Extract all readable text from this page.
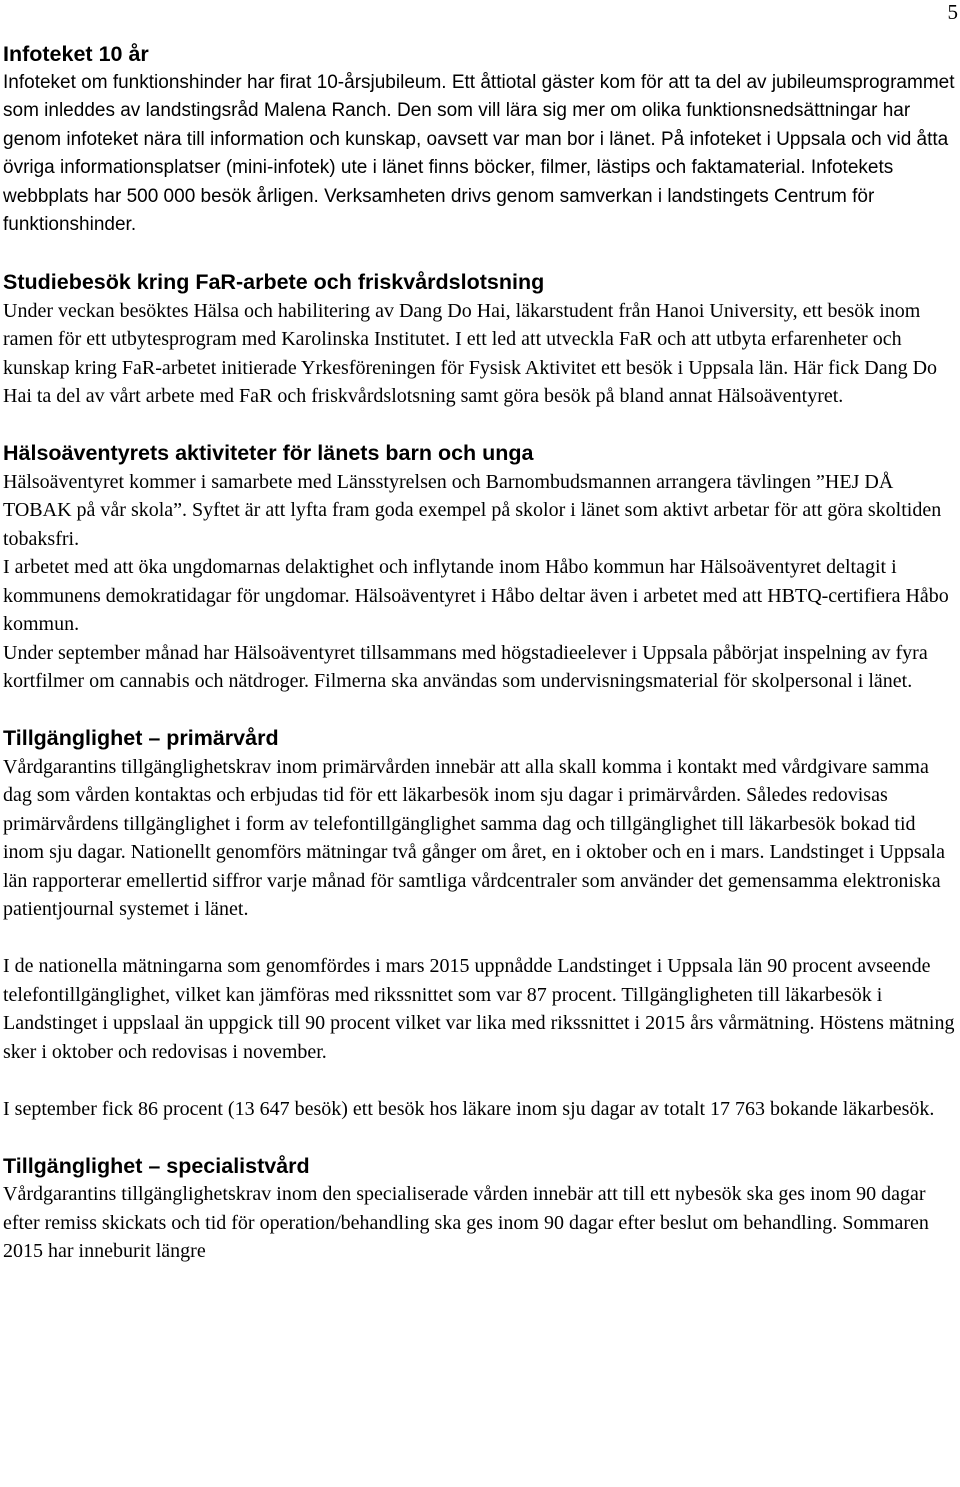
5
Infoteket 10 år

Infoteket om funktionshinder har firat 10-årsjubileum. Ett åttiotal gäster kom för att ta del av jubileumsprogrammet som inleddes av landstingsråd Malena Ranch. Den som vill lära sig mer om olika funktionsnedsättningar har genom infoteket nära till information och kunskap, oavsett var man bor i länet. På infoteket i Uppsala och vid åtta övriga informationsplatser (mini-infotek) ute i länet finns böcker, filmer, lästips och faktamaterial. Infotekets webbplats har 500 000 besök årligen. Verksamheten drivs genom samverkan i landstingets Centrum för funktionshinder.

Studiebesök kring FaR-arbete och friskvårdslotsning

Under veckan besöktes Hälsa och habilitering av Dang Do Hai, läkarstudent från Hanoi University, ett besök inom ramen för ett utbytesprogram med Karolinska Institutet. I ett led att utveckla FaR och att utbyta erfarenheter och kunskap kring FaR-arbetet initierade Yrkesföreningen för Fysisk Aktivitet ett besök i Uppsala län. Här fick Dang Do Hai ta del av vårt arbete med FaR och friskvårdslotsning samt göra besök på bland annat Hälsoäventyret.

Hälsoäventyrets aktiviteter för länets barn och unga

Hälsoäventyret kommer i samarbete med Länsstyrelsen och Barnombudsmannen arrangera tävlingen ”HEJ DÅ TOBAK på vår skola”. Syftet är att lyfta fram goda exempel på skolor i länet som aktivt arbetar för att göra skoltiden tobaksfri.

I arbetet med att öka ungdomarnas delaktighet och inflytande inom Håbo kommun har Hälsoäventyret deltagit i kommunens demokratidagar för ungdomar. Hälsoäventyret i Håbo deltar även i arbetet med att HBTQ-certifiera Håbo kommun.

Under september månad har Hälsoäventyret tillsammans med högstadieelever i Uppsala påbörjat inspelning av fyra kortfilmer om cannabis och nätdroger. Filmerna ska användas som undervisningsmaterial för skolpersonal i länet.

Tillgänglighet – primärvård

Vårdgarantins tillgänglighetskrav inom primärvården innebär att alla skall komma i kontakt med vårdgivare samma dag som vården kontaktas och erbjudas tid för ett läkarbesök inom sju dagar i primärvården. Således redovisas primärvårdens tillgänglighet i form av telefontillgänglighet samma dag och tillgänglighet till läkarbesök bokad tid inom sju dagar. Nationellt genomförs mätningar två gånger om året, en i oktober och en i mars. Landstinget i Uppsala län rapporterar emellertid siffror varje månad för samtliga vårdcentraler som använder det gemensamma elektroniska patientjournal systemet i länet.

I de nationella mätningarna som genomfördes i mars 2015 uppnådde Landstinget i Uppsala län 90 procent avseende telefontillgänglighet, vilket kan jämföras med rikssnittet som var 87 procent. Tillgängligheten till läkarbesök i Landstinget i uppslaal än uppgick till 90 procent vilket var lika med rikssnittet i 2015 års vårmätning. Höstens mätning sker i oktober och redovisas i november.

I september fick 86 procent (13 647 besök) ett besök hos läkare inom sju dagar av totalt 17 763 bokande läkarbesök.

Tillgänglighet – specialistvård

Vårdgarantins tillgänglighetskrav inom den specialiserade vården innebär att till ett nybesök ska ges inom 90 dagar efter remiss skickats och tid för operation/behandling ska ges inom 90 dagar efter beslut om behandling. Sommaren 2015 har inneburit längre
